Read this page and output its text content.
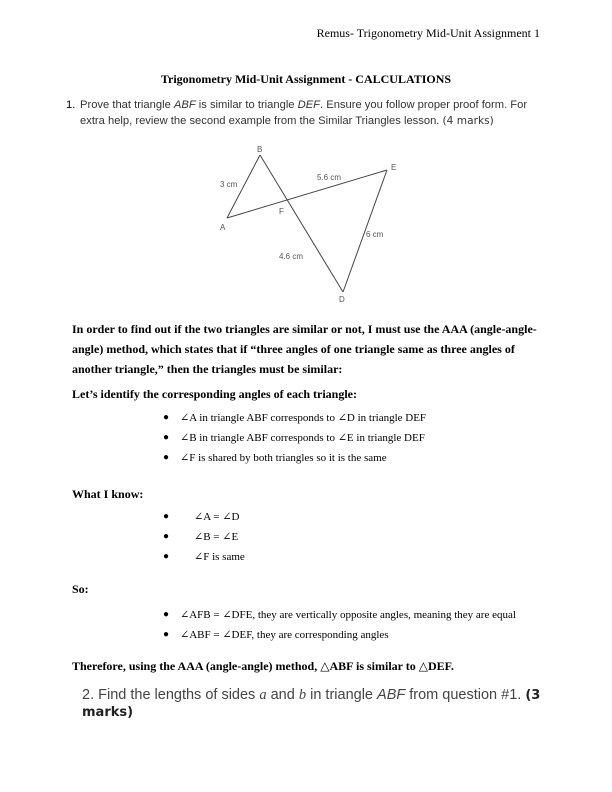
Remus- Trigonometry Mid-Unit Assignment 1
Trigonometry Mid-Unit Assignment - CALCULATIONS
1. Prove that triangle ABF is similar to triangle DEF. Ensure you follow proper proof form. For extra help, review the second example from the Similar Triangles lesson. (4 marks)
B
A
E
F
D
3 cm
5.6 cm
6 cm
4.6 cm
In order to find out if the two triangles are similar or not, I must use the AAA (angle-angle-angle) method, which states that if “three angles of one triangle same as three angles of another triangle,” then the triangles must be similar:
Let’s identify the corresponding angles of each triangle:
● ∠A in triangle ABF corresponds to ∠D in triangle DEF
● ∠B in triangle ABF corresponds to ∠E in triangle DEF
● ∠F is shared by both triangles so it is the same
What I know:
● ∠A = ∠D
● ∠B = ∠E
● ∠F is same
So:
● ∠AFB = ∠DFE, they are vertically opposite angles, meaning they are equal
● ∠ABF = ∠DEF, they are corresponding angles
Therefore, using the AAA (angle-angle) method, △ABF is similar to △DEF.
2. Find the lengths of sides a and b in triangle ABF from question #1. (3 marks)
